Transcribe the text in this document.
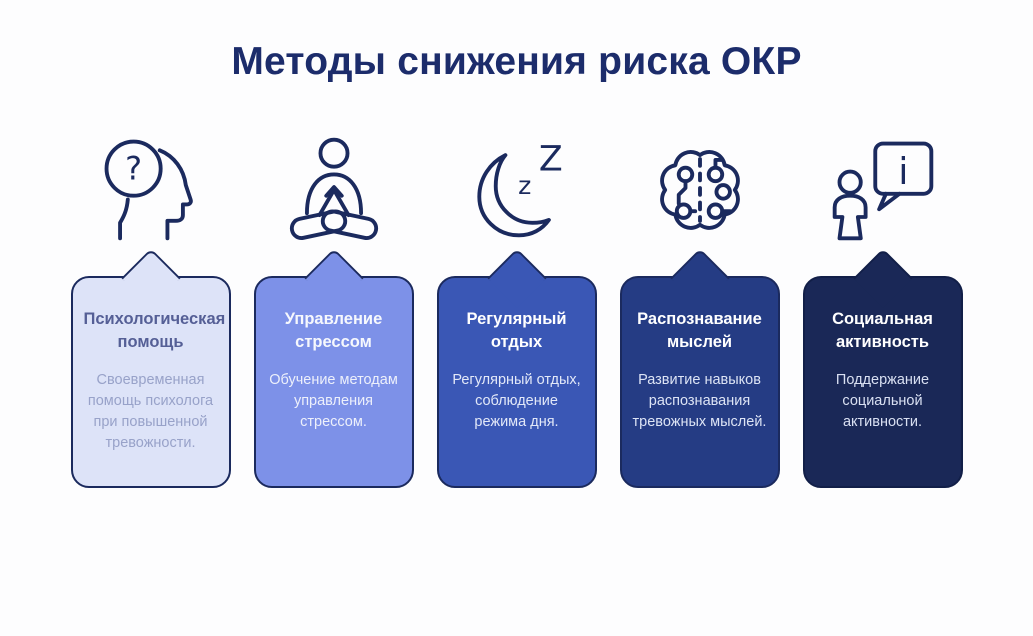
Методы снижения риска ОКР
?

Психологическая помощь

Своевременная помощь психолога при повышенной тревожности.

Управление стрессом

Обучение методам управления стрессом.

z
Z

Регулярный отдых

Регулярный отдых, соблюдение режима дня.

Распознавание мыслей

Развитие навыков распознавания тревожных мыслей.

i

Социальная активность

Поддержание социальной активности.
